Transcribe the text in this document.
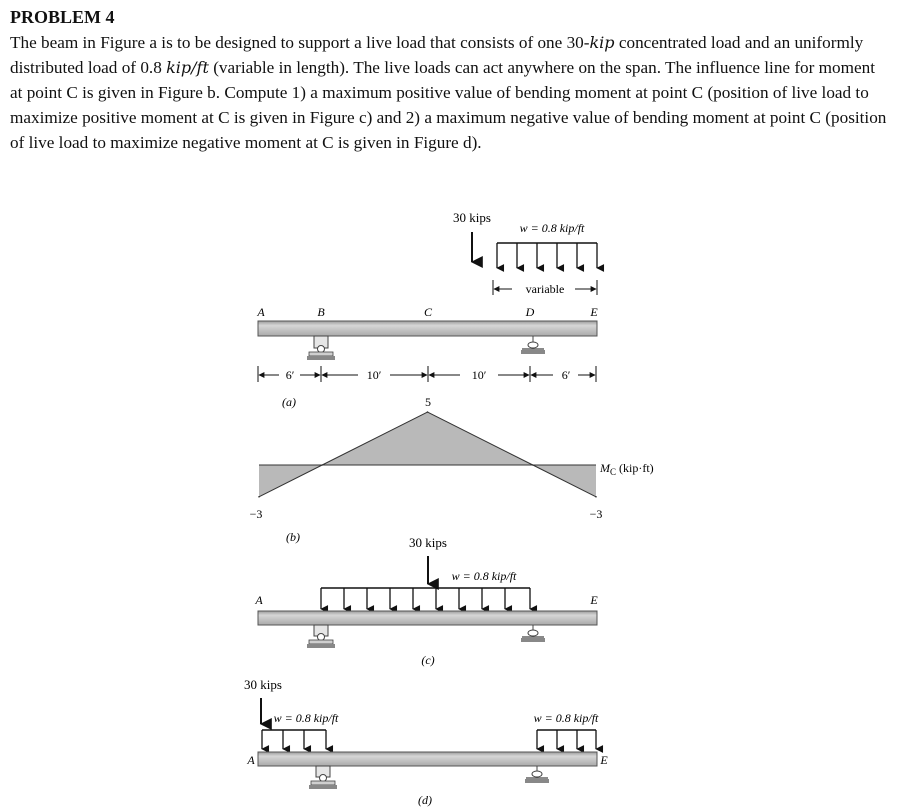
PROBLEM 4

The beam in Figure a is to be designed to support a live load that consists of one 30-kip concentrated load and an uniformly distributed load of 0.8 kip/ft (variable in length). The live loads can act anywhere on the span. The influence line for moment at point C is given in Figure b. Compute 1) a maximum positive value of bending moment at point C (position of live load to maximize positive moment at C is given in Figure c) and 2) a maximum negative value of bending moment at point C (position of live load to maximize negative moment at C is given in Figure d).

30 kips
w = 0.8 kip/ft
variable
A	B	C	D	E
6′	10′	10′	6′
(a)	5
−3	−3
$M_C$ (kip·ft)
(b)	30 kips
w = 0.8 kip/ft
A	E
(c)
30 kips
w = 0.8 kip/ft	w = 0.8 kip/ft
A	E
(d)
